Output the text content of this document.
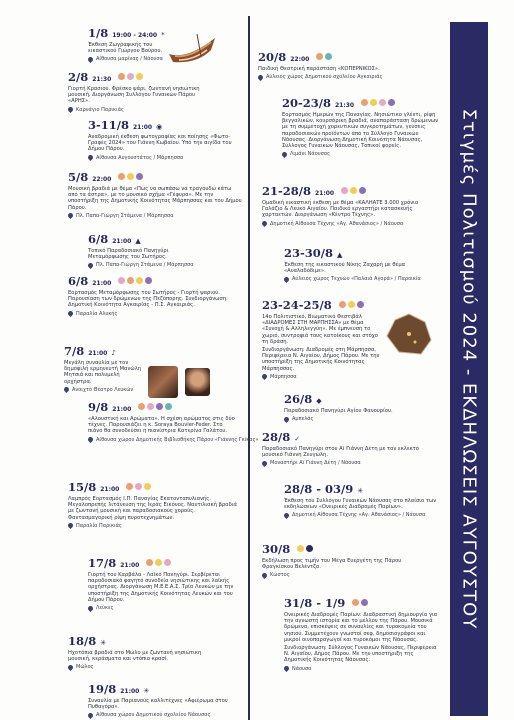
Στιγμές Πολιτισμού 2024 - ΕΚΔΗΛΩΣΕΙΣ ΑΥΓΟΥΣΤΟΥ
1/8 19:00 - 24:00 *
Έκθεση Ζωγραφικής του εικαστικού Γιώργου Βούρου.
Αίθουσα μαρίνας / Νάουσα
2/8 21:30
Γιορτή Κρασιού. Φρέσκο ψάρι, ζωντανή νησιώτικη μουσική. Διοργάνωση Συλλόγου Γυναικών Πάρου «ΑΡΗΣ».
Καρνάγιο Παρικιάς
3-11/8 21:00 ◉
Αναδρομική έκθεση φωτογραφίας και ποίησης «Φωτο-Γραφές 2024» του Γιάννη Κωβαίου. Υπό την αιγίδα του Δήμου Πάρου.
Αίθουσα Αυγουστάτος / Μάρπησσα
5/8 22:00
Μουσική βραδιά με θέμα «Πως να σωπάσω να τραγουδώ κάτω από τα άστρα», με το μουσικό σχήμα «Γέφυρα». Με την υποστήριξη της Δημοτικής Κοινότητας Μάρπησσας και του Δήμου Πάρου.
Πλ. Παπα-Γιώργη Στάμενα / Μάρπησσα
6/8 21:00 ▲
Τοπικό Παραδοσιακό Πανηγύρι Μεταμόρφωσης του Σωτήρος.
Πλ. Παπα-Γιώργη Στάμενα / Μάρπησσα
6/8 21:00
Εορτασμός Μεταμόρφωσης του Σωτήρος - Γιορτή ψαριού. Παρουσίαση των δρώμενων της Πεζόπορης. Συνδιοργάνωση: Δημοτική Κοινότητα Αγκαιρίας - Π.Σ. Αγκαιριάς.
Παραλία Αλυκής
7/8 21:00 ♪
Μεγάλη συναυλία με τον δημοφιλή ερμηνευτή Μανώλη Μητσιά και πολυμελή ορχήστρα.
Ανοιχτό Θέατρο Λευκών
9/8 21:00
«Αλουστική και Αρώματα». Η σχέση αρώματος στις δύο τέχνες. Παρουσιάζει η κ. Soraya Bouvier-Feder. Στο πιάνο θα συνοδεύσει η πιανίστρια Κατερίνα Γαλάτου.
Αίθουσα χώρου Δημοτικής Βιβλιοθήκης Πάρου «Γιάννης Γκίκας»
15/8 21:00
Λαμπρός Εορτασμός Ι.Π. Παναγίας Εκατονταπυλιανής. Μεγαλοπρεπής λιτάνευση της Ιεράς Εικόνος. Ναυτιλιακή βραδιά με ζωντανή μουσική και παραδοσιακούς χορούς. Φαντασμαγορική ρίψη πυροτεχνημάτων.
Παραλία Παρικιάς
17/8 21:00
Γιορτή του Καρβάλα - Λαϊκό Πανηγύρι. Σερβίρεται παραδοσιακό φαγητό συνοδεία νησιώτικης και λαϊκής ορχήστρας. Διοργάνωση Μ.Ε.Ε.Α.Σ. Τρία Λευκών με την υποστήριξη της Δημοτικής Κοινότητας Λευκών και του Δήμου Πάρου.
Λεύκες
18/8 ✳
Ηχοτόπια βραδιά στο Μώλο με ζωντανή νησιώτικη μουσική, κεράσματα και ντόπιο κρασί.
Μώλος
19/8 21:00 ✳
Συναυλία με Παριανούς καλλιτέχνες «Αφιέρωμα στον Πυθαγόρα».
Αίθουσα χώρου Δημοτικού σχολείου Νάουσας
20/8 22:00
Παιδική Θεατρική παράσταση «ΚΟΠΕΡΝΙΚΟΣ».
Αύλειος χώρος Δημοτικού σχολείου Αγκαιριάς
20-23/8 21:30
Εορτασμός Ημερών της Παναγίας. Νησιώτικο γλέντι, ρίψη βεγγαλικών, κουρσάρικη βραδιά, αναπαράσταση δρώμενων με τη συμμετοχή χορευτικών συγκροτημάτων, γεύσεις παραδοσιακών προϊόντων από το Σύλλογο Γυναικών Νάουσας. Διοργάνωση Δημοτική Κοινότητα Νάουσας, Σύλλογος Γυναικών Νάουσας, Τοπικοί φορείς.
Λιμάνι Νάουσας
21-28/8 21:00
Ομαδική εικαστική έκθεση με θέμα «ΚΑΛΗΑΤΕ 3.000 χρόνια Γαλάζιο & Λευκό Αιγαίου. Παιδικό εργαστήρι κατασκευής χαρταετών. Διοργάνωση «Κέντρο Τέχνης».
Δημοτική Αίθουσα Τέχνης «Αγ. Αθανάσιος» / Νάουσα
23-30/8 ▲
Έκθεση της εικαστικού Νίκης Ζαχαρή με θέμα «Αναλαδόδιμε».
Αύλειος χώρος Τεχνών «Παλαιά Αγορά» / Παροικία
23-24-25/8
14ο Πολιτιστικό, Βιωματικό Φεστιβάλ «ΔΙΑΔΡΟΜΕΣ ΣΤΗ ΜΑΡΠΗΣΣΑ» με θέμα «Συνοχή & Αλληλεγγύη». Με έμπνευση το χωριό, συντροφιά τους κατοίκους και στόχο τη δράση.
Συνδιοργάνωση: Διαδρομές στη Μάρπησσα, Περιφέρεια Ν. Αιγαίου, Δήμος Πάρου. Με την υποστήριξη της Δημοτικής Κοινότητας Μάρπησσας.
Μάρπησσα
26/8 ◆
Παραδοσιακό Πανηγύρι Αγίου Φανουρίου.
Αμπελάς
28/8 ✓
Παραδοσιακό Πανηγύρι στον Αϊ Γιάννη Δέτη με τον εκλεκτό μουσικό Γιάννη Ζευγώλη.
Μοναστήρι Αϊ Γιάννη Δέτη / Νάουσα
28/8 - 03/9 ✳
Έκθεση του Συλλόγου Γυναικών Νάουσας στο πλαίσιο των εκδηλώσεων «Ονειρικές Διαδρομές Παρίων».
Δημοτική Αίθουσα Τέχνης «Αγ. Αθανάσιος» / Νάουσα
30/8
Εκδήλωση προς τιμήν του Μέγα Ευεργέτη της Πάρου Φραγκίσκου Βελέντζα.
Κώστος
31/8 - 1/9
Ονειρικές Διαδρομές Παρίων: Διαδραστική δημιουργία για την αγνωστή ιστορία και το μέλλον της Πάρου. Μουσικά δρώμενα, επισκέψεις σε συναυλίες και τυροκομεία του νησιού. Συμμετέχουν γνωστοί σεφ, δημοσιογράφοι και μικροί οινοπαραγωγοί και τυροκόμοι της Νάουσας.
Συνδιοργάνωση: Σύλλογος Γυναικών Νάουσας, Περιφέρεια Ν. Αιγαίου, Δήμος Πάρου. Με την υποστήριξη της Δημοτικής Κοινότητας Νάουσας.
Νάουσα
